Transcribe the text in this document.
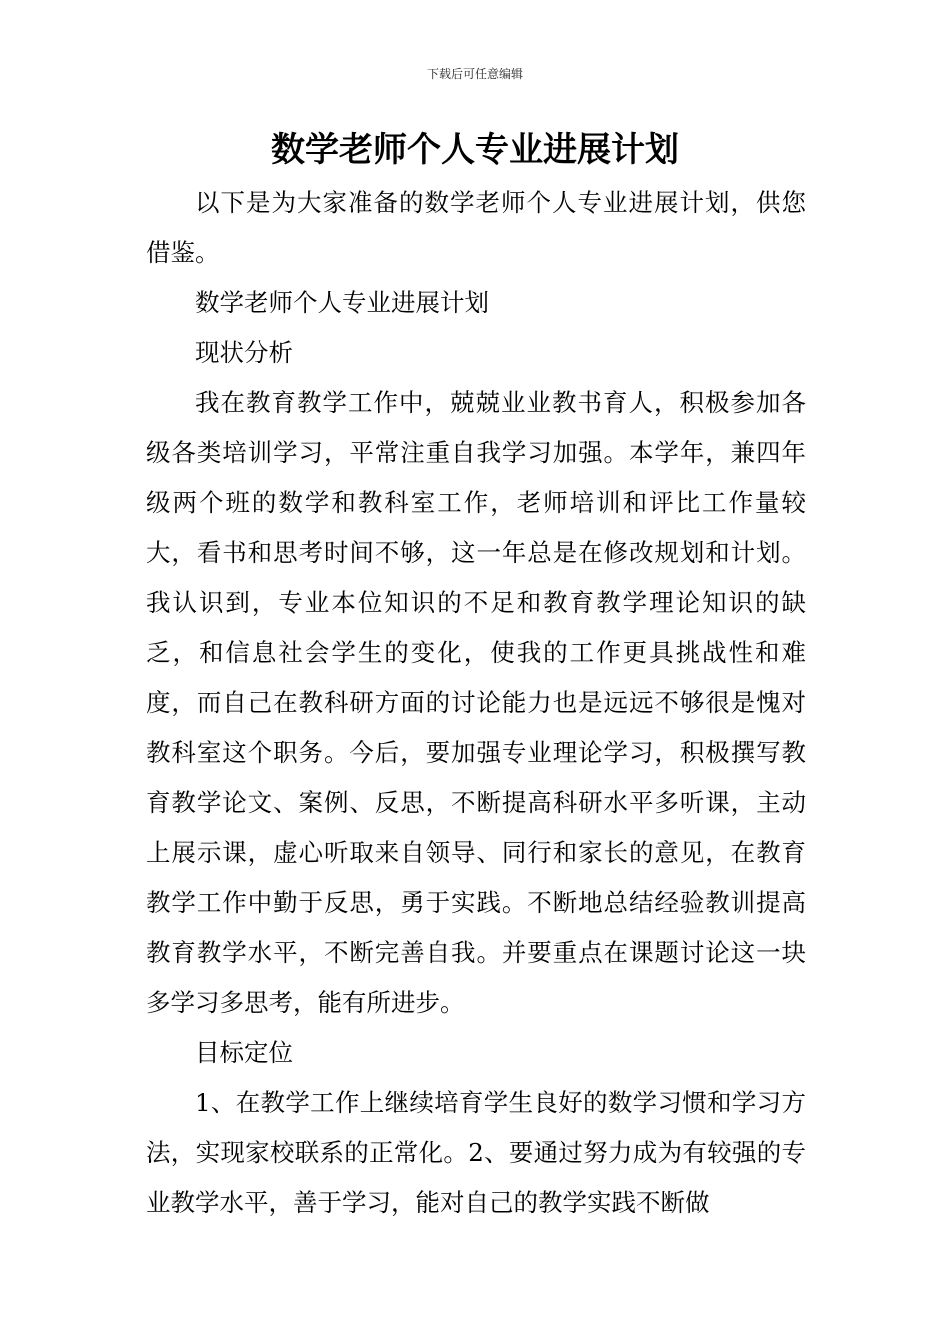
下载后可任意编辑
数学老师个人专业进展计划

以下是为大家准备的数学老师个人专业进展计划，供您借鉴。

数学老师个人专业进展计划

现状分析

我在教育教学工作中，兢兢业业教书育人，积极参加各级各类培训学习，平常注重自我学习加强。本学年，兼四年级两个班的数学和教科室工作，老师培训和评比工作量较大，看书和思考时间不够，这一年总是在修改规划和计划。我认识到，专业本位知识的不足和教育教学理论知识的缺乏，和信息社会学生的变化，使我的工作更具挑战性和难度，而自己在教科研方面的讨论能力也是远远不够很是愧对教科室这个职务。今后，要加强专业理论学习，积极撰写教育教学论文、案例、反思，不断提高科研水平多听课，主动上展示课，虚心听取来自领导、同行和家长的意见，在教育教学工作中勤于反思，勇于实践。不断地总结经验教训提高教育教学水平，不断完善自我。并要重点在课题讨论这一块多学习多思考，能有所进步。

目标定位

1、在教学工作上继续培育学生良好的数学习惯和学习方法，实现家校联系的正常化。2、要通过努力成为有较强的专业教学水平，善于学习，能对自己的教学实践不断做
